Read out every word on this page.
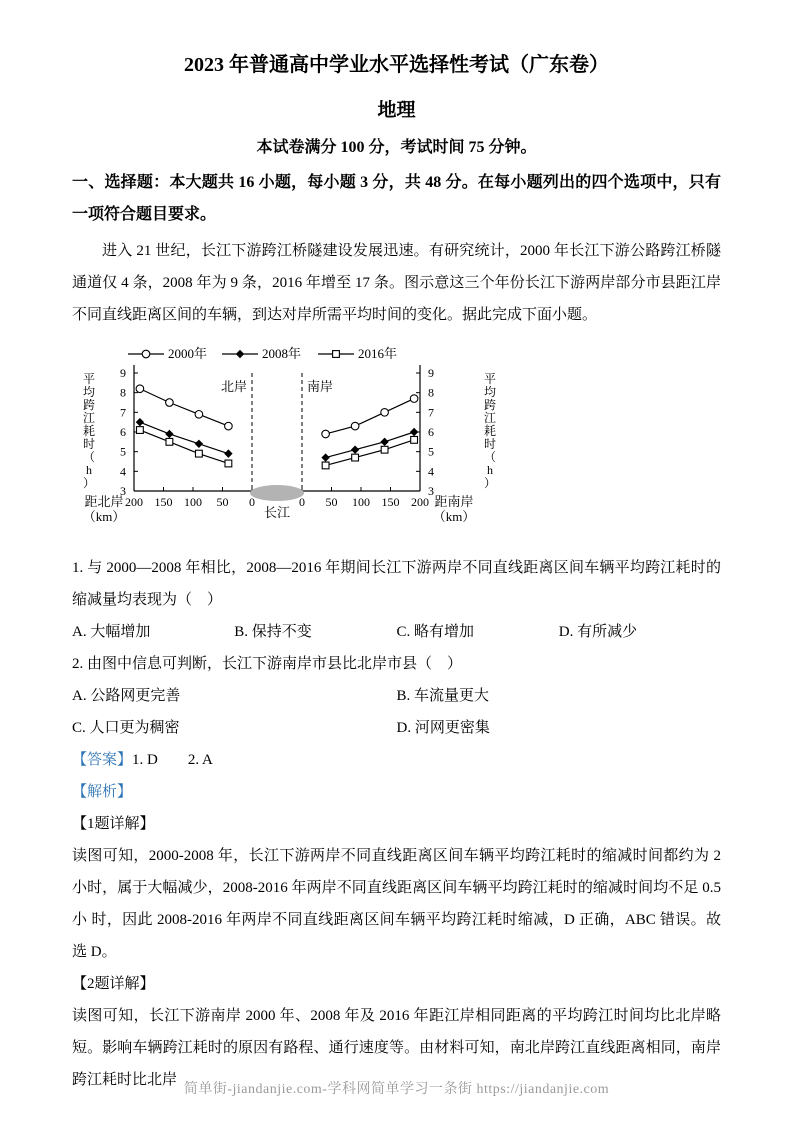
2023 年普通高中学业水平选择性考试（广东卷）
地理

本试卷满分 100 分，考试时间 75 分钟。

一、选择题：本大题共 16 小题，每小题 3 分，共 48 分。在每小题列出的四个选项中，只有一项符合题目要求。

进入 21 世纪，长江下游跨江桥隧建设发展迅速。有研究统计，2000 年长江下游公路跨江桥隧通道仅 4 条，2008 年为 9 条，2016 年增至 17 条。图示意这三个年份长江下游两岸部分市县距江岸不同直线距离区间的车辆，到达对岸所需平均时间的变化。据此完成下面小题。

3	3
4	4
5	5
6	6
7	7
8	8
9	9
200 150 100 50 0	0 50 100 150 200
北岸	南岸
长江
距北岸
（km）
距南岸
（km）
平
均
跨
江
耗
时
（
h
）
平
均
跨
江
耗
时
（
h
）
2000年	2008年	2016年

1. 与 2000—2008 年相比，2008—2016 年期间长江下游两岸不同直线距离区间车辆平均跨江耗时的缩减量均表现为（　）

A. 大幅增加	B. 保持不变	C. 略有增加	D. 有所减少

2. 由图中信息可判断，长江下游南岸市县比北岸市县（　）

A. 公路网更完善	B. 车流量更大
C. 人口更为稠密	D. 河网更密集

【答案】1. D　　2. A

【解析】

【1题详解】

读图可知，2000-2008 年，长江下游两岸不同直线距离区间车辆平均跨江耗时的缩减时间都约为 2 小时，属于大幅减少，2008-2016 年两岸不同直线距离区间车辆平均跨江耗时的缩减时间均不足 0.5 小 时，因此 2008-2016 年两岸不同直线距离区间车辆平均跨江耗时缩减，D 正确，ABC 错误。故选 D。

【2题详解】

读图可知，长江下游南岸 2000 年、2008 年及 2016 年距江岸相同距离的平均跨江时间均比北岸略短。影响车辆跨江耗时的原因有路程、通行速度等。由材料可知，南北岸跨江直线距离相同，南岸跨江耗时比北岸

简单街-jiandanjie.com-学科网简单学习一条街 https://jiandanjie.com
